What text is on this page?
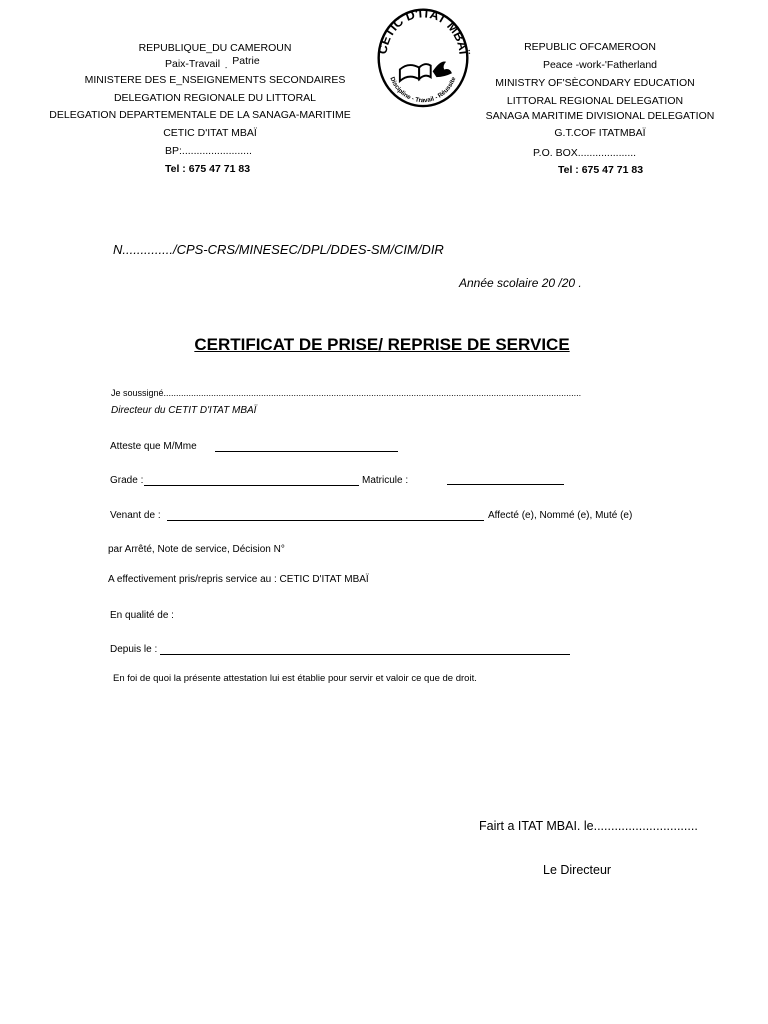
REPUBLIQUE_DU CAMEROUN
Paix-Travail $_-$ Patrie
MINISTERE DES E_NSEIGNEMENTS SECONDAIRES
DELEGATION REGIONALE DU LITTORAL
DELEGATION DEPARTEMENTALE DE LA SANAGA-MARITIME
CETIC D'ITAT MBAÏ
BP:........................
Tel : 675 47 71 83
CETIC D'ITAT MBAÏ
Discipline - Travail - Réussite
REPUBLIC OFCAMEROON
Peace -work-'Fatherland
MINISTRY OF'SÈCONDARY EDUCATION
LITTORAL REGIONAL DELEGATION
SANAGA MARITIME DIVISIONAL DELEGATION
G.T.COF ITATMBAÏ
P.O. BOX....................
Tel : 675 47 71 83
N............../CPS-CRS/MINESEC/DPL/DDES-SM/CIM/DIR
Année scolaire 20 /20 .
CERTIFICAT DE PRISE/ REPRISE DE SERVICE
Je soussigné.......................................................................................................................................................................
Directeur du CETIT D'ITAT MBAÏ
Atteste que M/Mme
Grade :	Matricule :
Venant de :	Affecté (e), Nommé (e), Muté (e)
par Arrêté, Note de service, Décision N°
A effectivement pris/repris service au : CETIC D'ITAT MBAÏ
En qualité de :
Depuis le :
En foi de quoi la présente attestation lui est établie pour servir et valoir ce que de droit.
Fairt a ITAT MBAI. le..............................
Le Directeur
